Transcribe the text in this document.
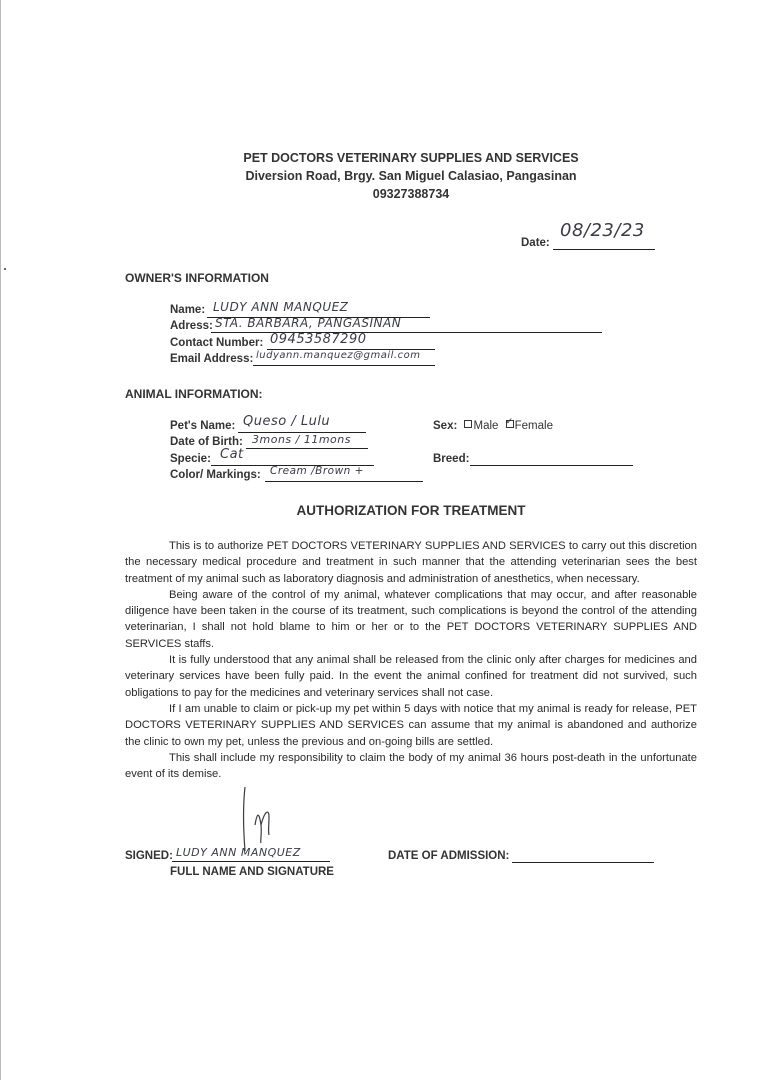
PET DOCTORS VETERINARY SUPPLIES AND SERVICES
Diversion Road, Brgy. San Miguel Calasiao, Pangasinan
09327388734
Date:
08/23/23
OWNER'S INFORMATION
Name: LUDY ANN MANQUEZ
Adress: STA. BARBARA, PANGASINAN
Contact Number: 09453587290
Email Address: ludyann.manquez@gmail.com
ANIMAL INFORMATION:
Pet's Name: Queso / Lulu
Date of Birth: 3mons / 11mons
Specie: Cat
Color/ Markings: Cream /Brown +
Sex: Male ✓ Female
Breed:
AUTHORIZATION FOR TREATMENT

This is to authorize PET DOCTORS VETERINARY SUPPLIES AND SERVICES to carry out this discretion the necessary medical procedure and treatment in such manner that the attending veterinarian sees the best treatment of my animal such as laboratory diagnosis and administration of anesthetics, when necessary.

Being aware of the control of my animal, whatever complications that may occur, and after reasonable diligence have been taken in the course of its treatment, such complications is beyond the control of the attending veterinarian, I shall not hold blame to him or her or to the PET DOCTORS VETERINARY SUPPLIES AND SERVICES staffs.

It is fully understood that any animal shall be released from the clinic only after charges for medicines and veterinary services have been fully paid. In the event the animal confined for treatment did not survived, such obligations to pay for the medicines and veterinary services shall not case.

If I am unable to claim or pick-up my pet within 5 days with notice that my animal is ready for release, PET DOCTORS VETERINARY SUPPLIES AND SERVICES can assume that my animal is abandoned and authorize the clinic to own my pet, unless the previous and on-going bills are settled.

This shall include my responsibility to claim the body of my animal 36 hours post-death in the unfortunate event of its demise.

SIGNED: LUDY ANN MANQUEZ
FULL NAME AND SIGNATURE
DATE OF ADMISSION:
